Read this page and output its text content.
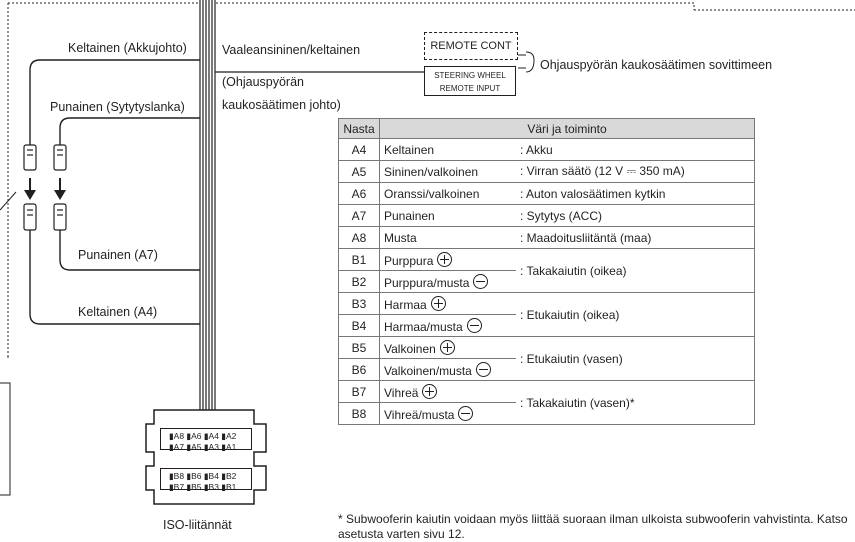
Keltainen (Akkujohto)
Punainen (Sytytyslanka)
Vaaleansininen/keltainen
(Ohjauspyörän
kaukosäätimen johto)
Punainen (A7)
Keltainen (A4)
REMOTE CONT
STEERING WHEEL
REMOTE INPUT
Ohjauspyörän kaukosäätimen sovittimeen
▮A8 ▮A6 ▮A4 ▮A2
▮A7 ▮A5 ▮A3 ▮A1
▮B8 ▮B6 ▮B4 ▮B2
▮B7 ▮B5 ▮B3 ▮B1
ISO-liitännät
Nasta	Väri ja toiminto	
A4	Keltainen	: Akku
A5	Sininen/valkoinen	: Virran säätö (12 V ⎓ 350 mA)
A6	Oranssi/valkoinen	: Auton valosäätimen kytkin
A7	Punainen	: Sytytys (ACC)
A8	Musta	: Maadoitusliitäntä (maa)
B1	Purppura	: Takakaiutin (oikea)
B2	Purppura/musta	
B3	Harmaa	: Etukaiutin (oikea)
B4	Harmaa/musta	
B5	Valkoinen	: Etukaiutin (vasen)
B6	Valkoinen/musta	
B7	Vihreä	: Takakaiutin (vasen)*
B8	Vihreä/musta	
* Subwooferin kaiutin voidaan myös liittää suoraan ilman ulkoista subwooferin vahvistinta. Katso asetusta varten sivu 12.
